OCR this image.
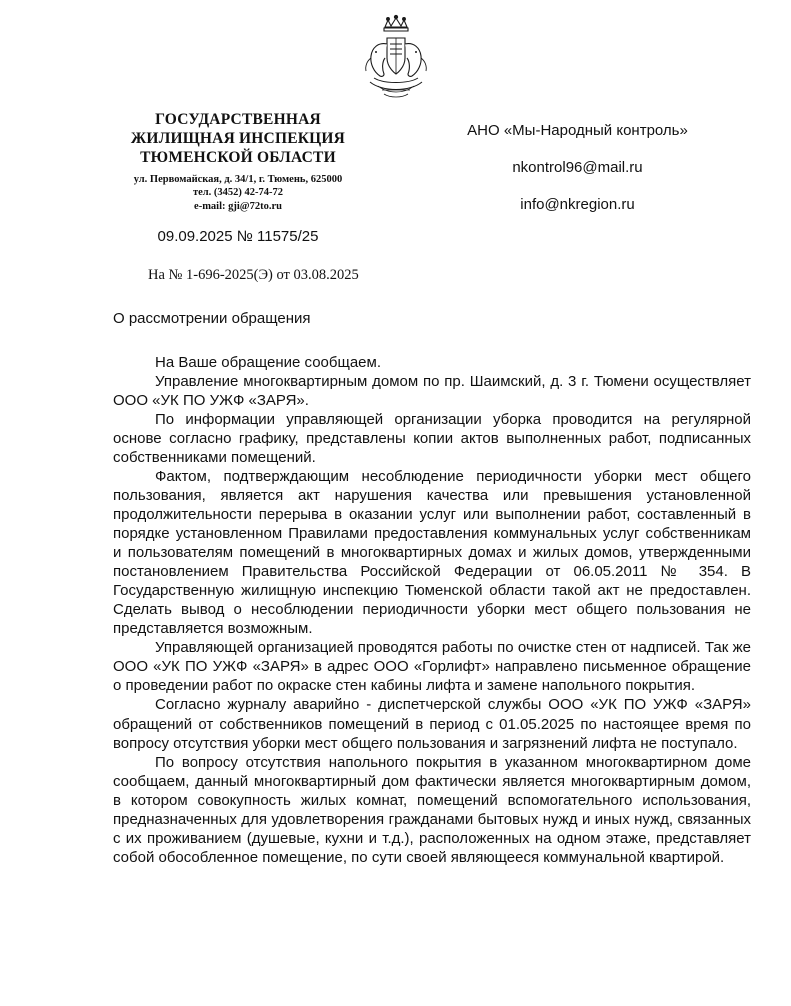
ГОСУДАРСТВЕННАЯ
ЖИЛИЩНАЯ ИНСПЕКЦИЯ
ТЮМЕНСКОЙ ОБЛАСТИ
ул. Первомайская, д. 34/1, г. Тюмень, 625000
тел. (3452) 42-74-72
e-mail: gji@72to.ru
АНО «Мы-Народный контроль»
nkontrol96@mail.ru
info@nkregion.ru
09.09.2025 № 11575/25
На № 1-696-2025(Э) от 03.08.2025
О рассмотрении обращения

На Ваше обращение сообщаем.

Управление многоквартирным домом по пр. Шаимский, д. 3 г. Тюмени осуществляет ООО «УК ПО УЖФ «ЗАРЯ».

По информации управляющей организации уборка проводится на регулярной основе согласно графику, представлены копии актов выполненных работ, подписанных собственниками помещений.

Фактом, подтверждающим несоблюдение периодичности уборки мест общего пользования, является акт нарушения качества или превышения установленной продолжительности перерыва в оказании услуг или выполнении работ, составленный в порядке установленном Правилами предоставления коммунальных услуг собственникам и пользователям помещений в многоквартирных домах и жилых домов, утвержденными постановлением Правительства Российской Федерации от 06.05.2011 № 354. В Государственную жилищную инспекцию Тюменской области такой акт не предоставлен. Сделать вывод о несоблюдении периодичности уборки мест общего пользования не представляется возможным.

Управляющей организацией проводятся работы по очистке стен от надписей. Так же ООО «УК ПО УЖФ «ЗАРЯ» в адрес ООО «Горлифт» направлено письменное обращение о проведении работ по окраске стен кабины лифта и замене напольного покрытия.

Согласно журналу аварийно - диспетчерской службы ООО «УК ПО УЖФ «ЗАРЯ» обращений от собственников помещений в период с 01.05.2025 по настоящее время по вопросу отсутствия уборки мест общего пользования и загрязнений лифта не поступало.

По вопросу отсутствия напольного покрытия в указанном многоквартирном доме сообщаем, данный многоквартирный дом фактически является многоквартирным домом, в котором совокупность жилых комнат, помещений вспомогательного использования, предназначенных для удовлетворения гражданами бытовых нужд и иных нужд, связанных с их проживанием (душевые, кухни и т.д.), расположенных на одном этаже, представляет собой обособленное помещение, по сути своей являющееся коммунальной квартирой.
